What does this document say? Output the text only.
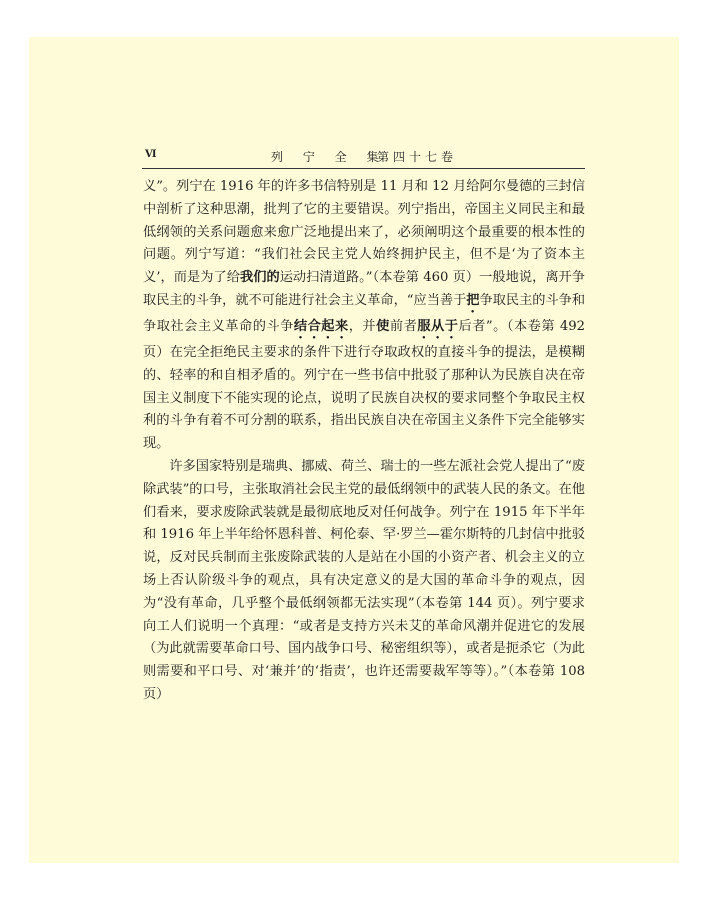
Ⅵ	列 宁 全 集
第四十七卷

义”。列宁在 1916 年的许多书信特别是 11 月和 12 月给阿尔曼德的三封信中剖析了这种思潮，批判了它的主要错误。列宁指出，帝国主义同民主和最低纲领的关系问题愈来愈广泛地提出来了，必须阐明这个最重要的根本性的问题。列宁写道：“我们社会民主党人始终拥护民主，但不是‘为了资本主义’，而是为了给我们的运动扫清道路。”（本卷第 460 页）一般地说，离开争取民主的斗争，就不可能进行社会主义革命，“应当善于把争取民主的斗争和争取社会主义革命的斗争结合起来，并使前者服从于后者”。（本卷第 492 页）在完全拒绝民主要求的条件下进行夺取政权的直接斗争的提法，是模糊的、轻率的和自相矛盾的。列宁在一些书信中批驳了那种认为民族自决在帝国主义制度下不能实现的论点，说明了民族自决权的要求同整个争取民主权利的斗争有着不可分割的联系，指出民族自决在帝国主义条件下完全能够实现。

许多国家特别是瑞典、挪威、荷兰、瑞士的一些左派社会党人提出了“废除武装”的口号，主张取消社会民主党的最低纲领中的武装人民的条文。在他们看来，要求废除武装就是最彻底地反对任何战争。列宁在 1915 年下半年和 1916 年上半年给怀恩科普、柯伦泰、罕·罗兰—霍尔斯特的几封信中批驳说，反对民兵制而主张废除武装的人是站在小国的小资产者、机会主义的立场上否认阶级斗争的观点，具有决定意义的是大国的革命斗争的观点，因为“没有革命，几乎整个最低纲领都无法实现”（本卷第 144 页）。列宁要求向工人们说明一个真理：“或者是支持方兴未艾的革命风潮并促进它的发展（为此就需要革命口号、国内战争口号、秘密组织等），或者是扼杀它（为此则需要和平口号、对‘兼并’的‘指责’，也许还需要裁军等等）。”（本卷第 108 页）
